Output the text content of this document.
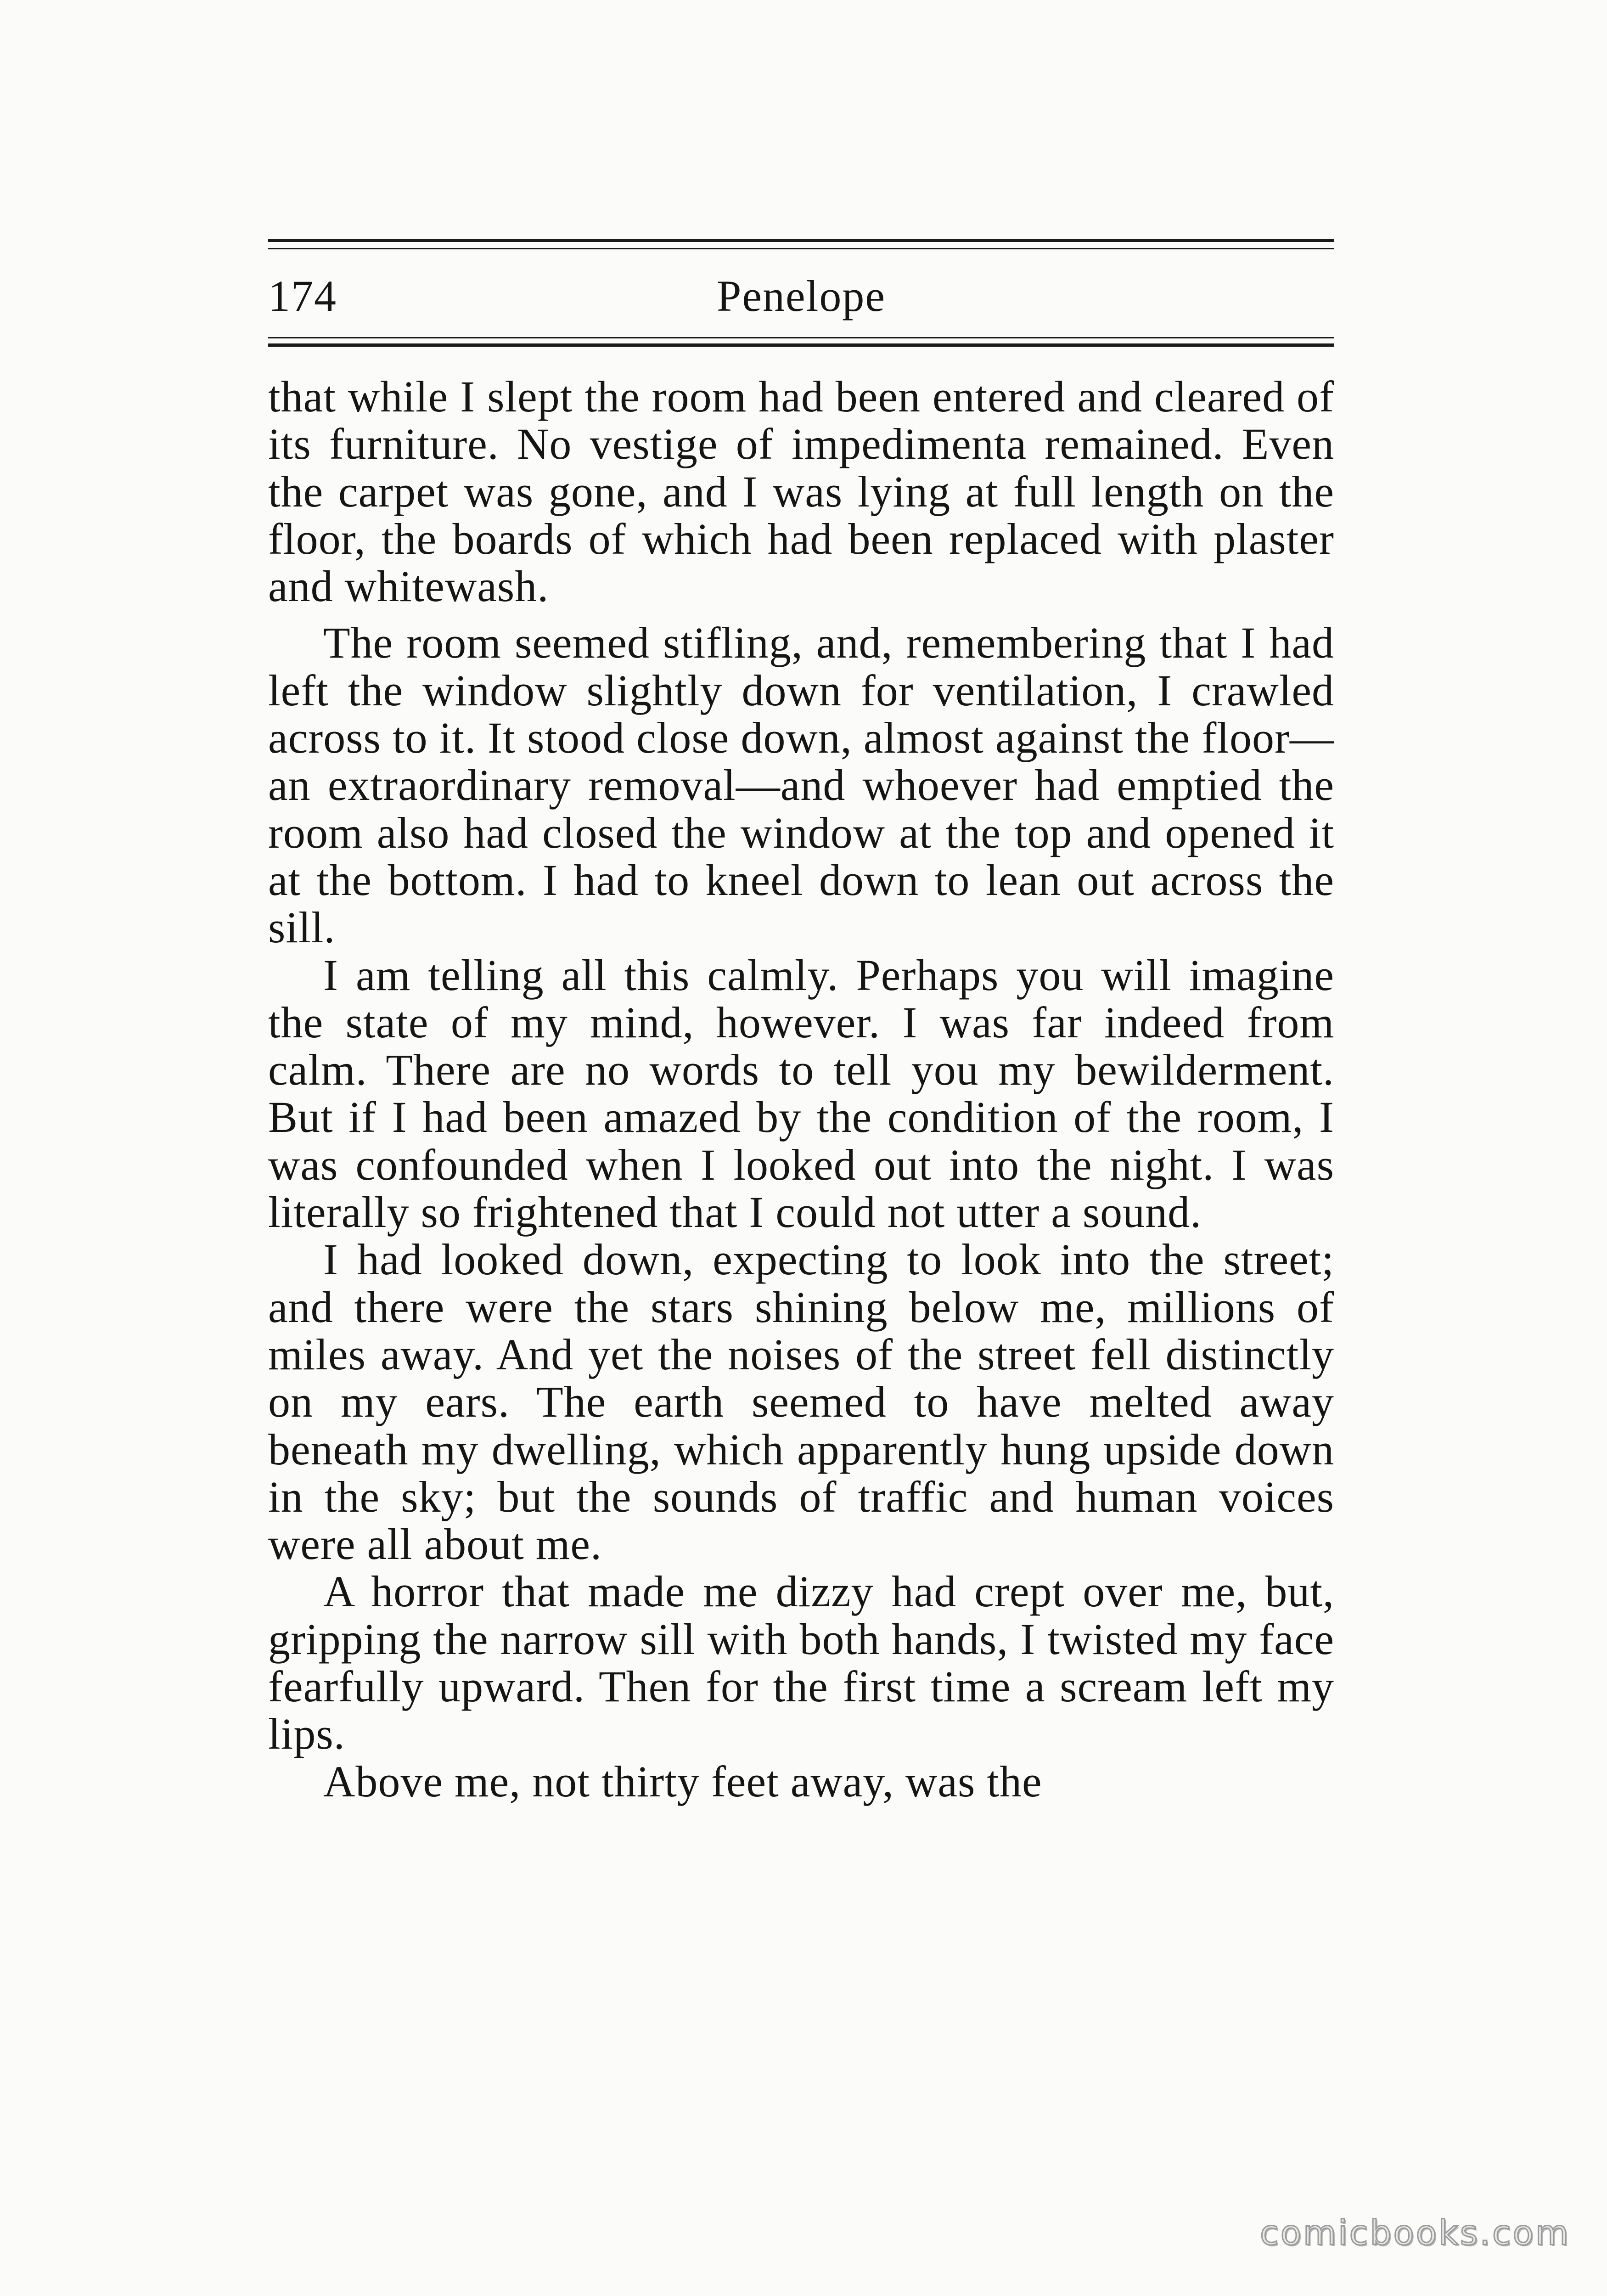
174	Penelope

that while I slept the room had been entered and cleared of its furniture. No vestige of impedimenta remained. Even the carpet was gone, and I was lying at full length on the floor, the boards of which had been replaced with plaster and whitewash.

The room seemed stifling, and, remembering that I had left the window slightly down for ventilation, I crawled across to it. It stood close down, almost against the floor—an extraordinary removal—and whoever had emptied the room also had closed the window at the top and opened it at the bottom. I had to kneel down to lean out across the sill.

I am telling all this calmly. Perhaps you will imagine the state of my mind, however. I was far indeed from calm. There are no words to tell you my bewilderment. But if I had been amazed by the condition of the room, I was confounded when I looked out into the night. I was literally so frightened that I could not utter a sound.

I had looked down, expecting to look into the street; and there were the stars shining below me, millions of miles away. And yet the noises of the street fell distinctly on my ears. The earth seemed to have melted away beneath my dwelling, which apparently hung upside down in the sky; but the sounds of traffic and human voices were all about me.

A horror that made me dizzy had crept over me, but, gripping the narrow sill with both hands, I twisted my face fearfully upward. Then for the first time a scream left my lips.

Above me, not thirty feet away, was the

comicbooks.com
